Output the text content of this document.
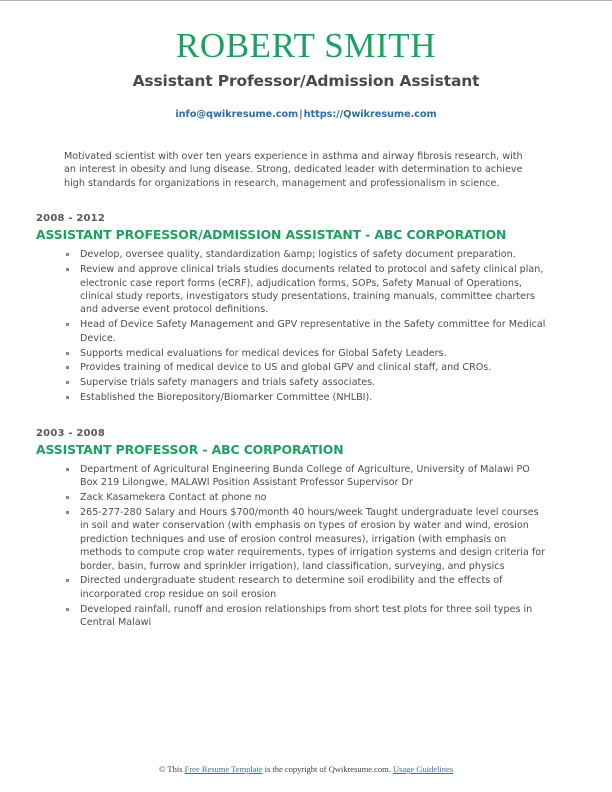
ROBERT SMITH
Assistant Professor/Admission Assistant
info@qwikresume.com|https://Qwikresume.com
Motivated scientist with over ten years experience in asthma and airway fibrosis research, with an interest in obesity and lung disease. Strong, dedicated leader with determination to achieve high standards for organizations in research, management and professionalism in science.
2008 - 2012
ASSISTANT PROFESSOR/ADMISSION ASSISTANT - ABC CORPORATION
Develop, oversee quality, standardization &amp; logistics of safety document preparation.
Review and approve clinical trials studies documents related to protocol and safety clinical plan, electronic case report forms (eCRF), adjudication forms, SOPs, Safety Manual of Operations, clinical study reports, investigators study presentations, training manuals, committee charters and adverse event protocol definitions.
Head of Device Safety Management and GPV representative in the Safety committee for Medical Device.
Supports medical evaluations for medical devices for Global Safety Leaders.
Provides training of medical device to US and global GPV and clinical staff, and CROs.
Supervise trials safety managers and trials safety associates.
Established the Biorepository/Biomarker Committee (NHLBI).
2003 - 2008
ASSISTANT PROFESSOR - ABC CORPORATION
Department of Agricultural Engineering Bunda College of Agriculture, University of Malawi PO Box 219 Lilongwe, MALAWI Position Assistant Professor Supervisor Dr
Zack Kasamekera Contact at phone no
265-277-280 Salary and Hours $700/month 40 hours/week Taught undergraduate level courses in soil and water conservation (with emphasis on types of erosion by water and wind, erosion prediction techniques and use of erosion control measures), irrigation (with emphasis on methods to compute crop water requirements, types of irrigation systems and design criteria for border, basin, furrow and sprinkler irrigation), land classification, surveying, and physics
Directed undergraduate student research to determine soil erodibility and the effects of incorporated crop residue on soil erosion
Developed rainfall, runoff and erosion relationships from short test plots for three soil types in Central Malawi
© This Free Resume Template is the copyright of Qwikresume.com. Usage Guidelines
